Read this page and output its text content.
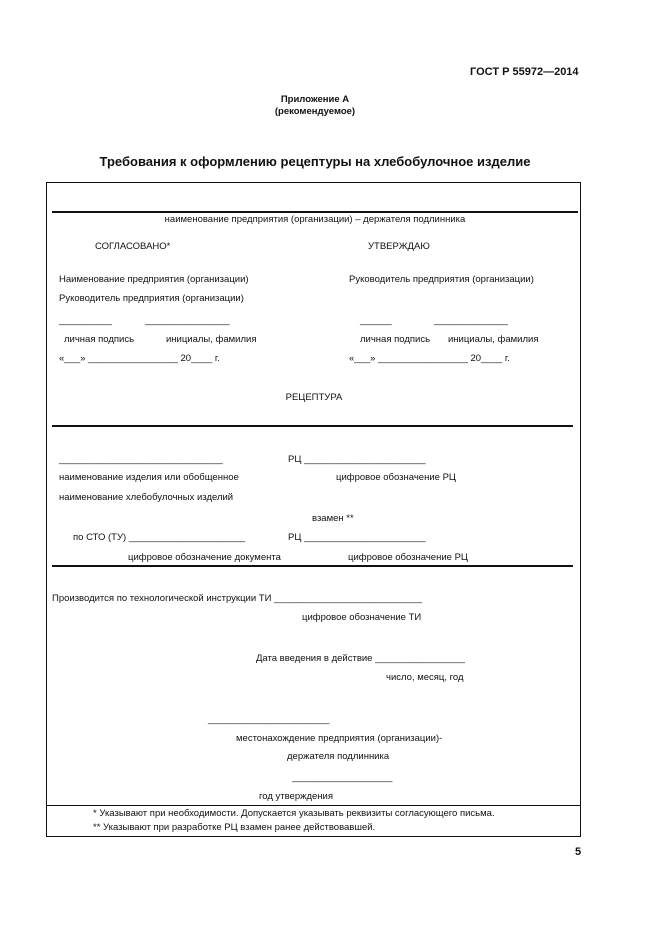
ГОСТ Р 55972—2014
Приложение А
(рекомендуемое)
Требования к оформлению рецептуры на хлебобулочное изделие
наименование предприятия (организации) – держателя подлинника
СОГЛАСОВАНО*	УТВЕРЖДАЮ
Наименование предприятия (организации)	Руководитель предприятия (организации)
Руководитель предприятия (организации)
__________	________________	______	______________
личная подпись	инициалы, фамилия	личная подпись инициалы, фамилия
«___» _________________ 20____ г.	«___» _________________ 20____ г.
РЕЦЕПТУРА
_______________________________	РЦ _______________________
наименование изделия или обобщенное	цифровое обозначение РЦ
наименование хлебобулочных изделий
взамен **
по СТО (ТУ) ______________________	РЦ _______________________
цифровое обозначение документа	цифровое обозначение РЦ
Производится по технологической инструкции ТИ ____________________________
цифровое обозначение ТИ
Дата введения в действие _________________
число, месяц, год
_______________________
местонахождение предприятия (организации)-
держателя подлинника
___________________
год утверждения
* Указывают при необходимости. Допускается указывать реквизиты согласующего письма.
** Указывают при разработке РЦ взамен ранее действовавшей.
5
